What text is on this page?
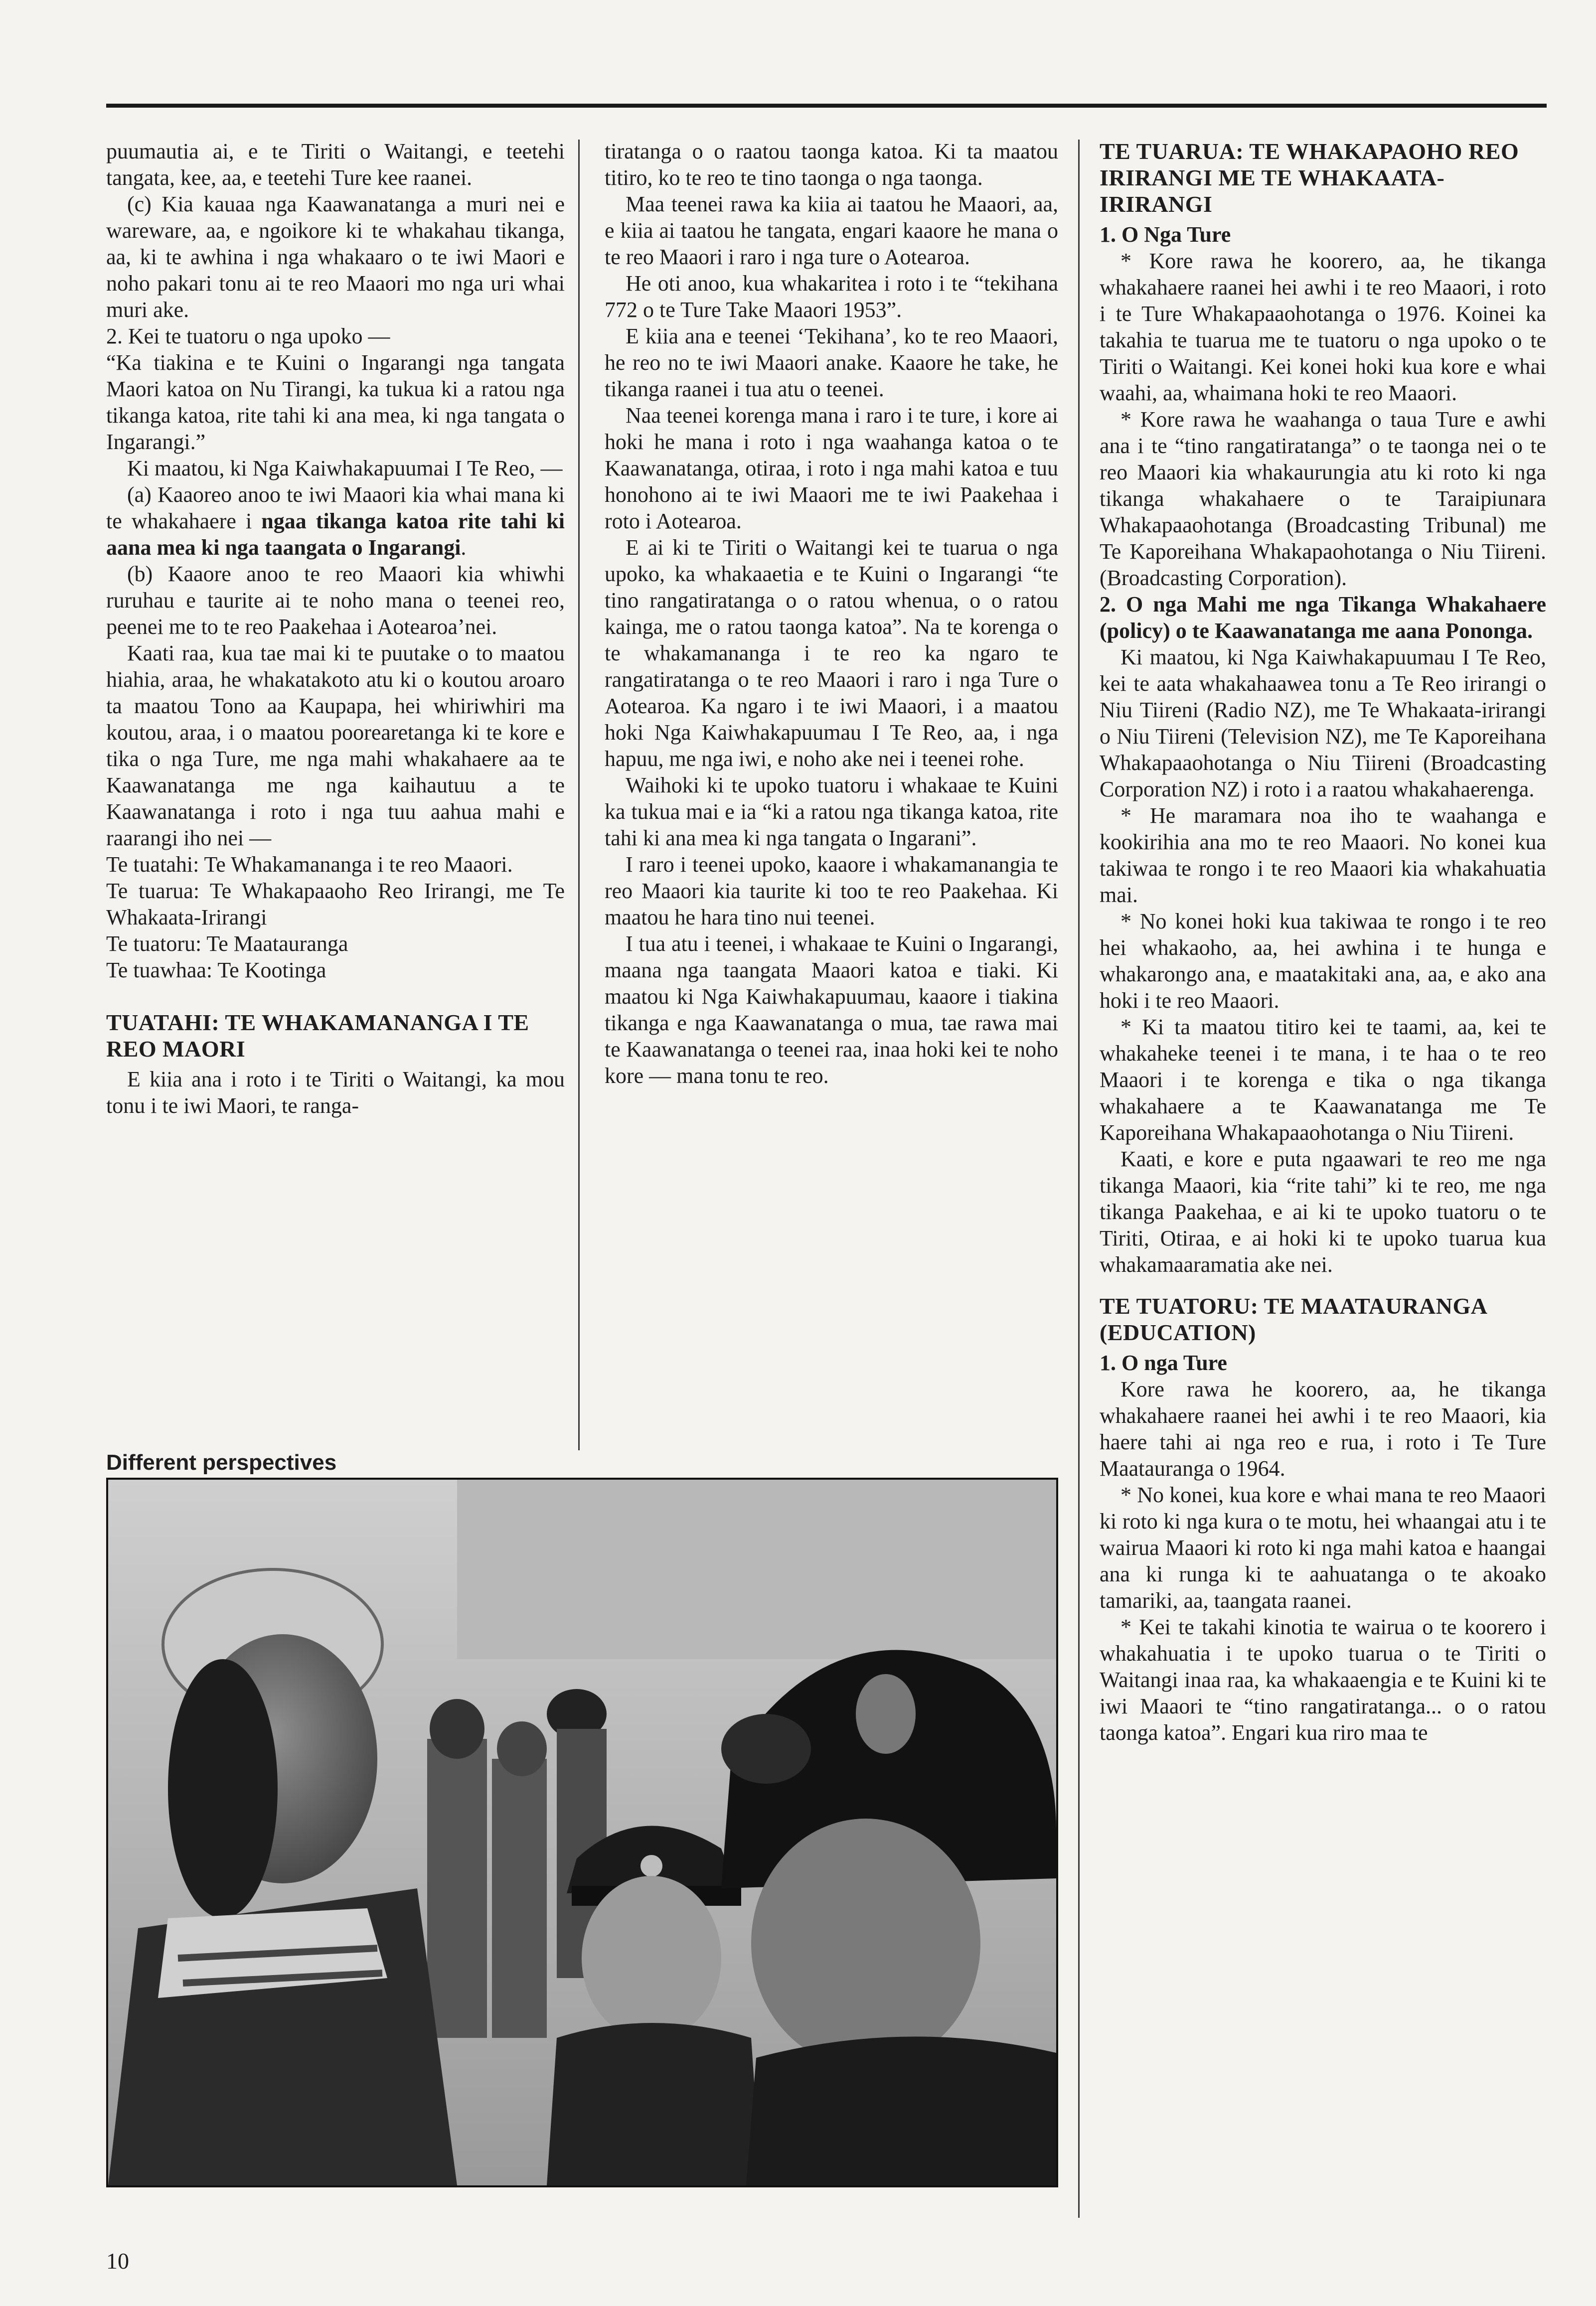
puumautia ai, e te Tiriti o Waitangi, e teetehi tangata, kee, aa, e teetehi Ture kee raanei.

(c) Kia kauaa nga Kaawanatanga a muri nei e wareware, aa, e ngoikore ki te whakahau tikanga, aa, ki te awhina i nga whakaaro o te iwi Maori e noho pakari tonu ai te reo Maaori mo nga uri whai muri ake.

2. Kei te tuatoru o nga upoko —

“Ka tiakina e te Kuini o Ingarangi nga tangata Maori katoa on Nu Tirangi, ka tukua ki a ratou nga tikanga katoa, rite tahi ki ana mea, ki nga tangata o Ingarangi.”

Ki maatou, ki Nga Kaiwhakapuumai I Te Reo, —

(a) Kaaoreo anoo te iwi Maaori kia whai mana ki te whakahaere i ngaa tikanga katoa rite tahi ki aana mea ki nga taangata o Ingarangi.

(b) Kaaore anoo te reo Maaori kia whiwhi ruruhau e taurite ai te noho mana o teenei reo, peenei me to te reo Paakehaa i Aotearoa’nei.

Kaati raa, kua tae mai ki te puutake o to maatou hiahia, araa, he whakatakoto atu ki o koutou aroaro ta maatou Tono aa Kaupapa, hei whiriwhiri ma koutou, araa, i o maatou poorearetanga ki te kore e tika o nga Ture, me nga mahi whakahaere aa te Kaawanatanga me nga kaihautuu a te Kaawanatanga i roto i nga tuu aahua mahi e raarangi iho nei —

Te tuatahi: Te Whakamananga i te reo Maaori.

Te tuarua: Te Whakapaaoho Reo Irirangi, me Te Whakaata-Irirangi

Te tuatoru: Te Maatauranga

Te tuawhaa: Te Kootinga

TUATAHI: TE WHAKAMANANGA I TE REO MAORI

E kiia ana i roto i te Tiriti o Waitangi, ka mou tonu i te iwi Maori, te ranga-

tiratanga o o raatou taonga katoa. Ki ta maatou titiro, ko te reo te tino taonga o nga taonga.

Maa teenei rawa ka kiia ai taatou he Maaori, aa, e kiia ai taatou he tangata, engari kaaore he mana o te reo Maaori i raro i nga ture o Aotearoa.

He oti anoo, kua whakaritea i roto i te “tekihana 772 o te Ture Take Maaori 1953”.

E kiia ana e teenei ‘Tekihana’, ko te reo Maaori, he reo no te iwi Maaori anake. Kaaore he take, he tikanga raanei i tua atu o teenei.

Naa teenei korenga mana i raro i te ture, i kore ai hoki he mana i roto i nga waahanga katoa o te Kaawanatanga, otiraa, i roto i nga mahi katoa e tuu honohono ai te iwi Maaori me te iwi Paakehaa i roto i Aotearoa.

E ai ki te Tiriti o Waitangi kei te tuarua o nga upoko, ka whakaaetia e te Kuini o Ingarangi “te tino rangatiratanga o o ratou whenua, o o ratou kainga, me o ratou taonga katoa”. Na te korenga o te whakamananga i te reo ka ngaro te rangatiratanga o te reo Maaori i raro i nga Ture o Aotearoa. Ka ngaro i te iwi Maaori, i a maatou hoki Nga Kaiwhakapuumau I Te Reo, aa, i nga hapuu, me nga iwi, e noho ake nei i teenei rohe.

Waihoki ki te upoko tuatoru i whakaae te Kuini ka tukua mai e ia “ki a ratou nga tikanga katoa, rite tahi ki ana mea ki nga tangata o Ingarani”.

I raro i teenei upoko, kaaore i whakamanangia te reo Maaori kia taurite ki too te reo Paakehaa. Ki maatou he hara tino nui teenei.

I tua atu i teenei, i whakaae te Kuini o Ingarangi, maana nga taangata Maaori katoa e tiaki. Ki maatou ki Nga Kaiwhakapuumau, kaaore i tiakina tikanga e nga Kaawanatanga o mua, tae rawa mai te Kaawanatanga o teenei raa, inaa hoki kei te noho kore — mana tonu te reo.

TE TUARUA: TE WHAKAPAOHO REO IRIRANGI ME TE WHAKAATA-IRIRANGI

1. O Nga Ture

* Kore rawa he koorero, aa, he tikanga whakahaere raanei hei awhi i te reo Maaori, i roto i te Ture Whakapaaohotanga o 1976. Koinei ka takahia te tuarua me te tuatoru o nga upoko o te Tiriti o Waitangi. Kei konei hoki kua kore e whai waahi, aa, whaimana hoki te reo Maaori.

* Kore rawa he waahanga o taua Ture e awhi ana i te “tino rangatiratanga” o te taonga nei o te reo Maaori kia whakaurungia atu ki roto ki nga tikanga whakahaere o te Taraipiunara Whakapaaohotanga (Broadcasting Tribunal) me Te Kaporeihana Whakapaohotanga o Niu Tiireni. (Broadcasting Corporation).

2. O nga Mahi me nga Tikanga Whakahaere (policy) o te Kaawanatanga me aana Pononga.

Ki maatou, ki Nga Kaiwhakapuumau I Te Reo, kei te aata whakahaawea tonu a Te Reo irirangi o Niu Tiireni (Radio NZ), me Te Whakaata-irirangi o Niu Tiireni (Television NZ), me Te Kaporeihana Whakapaaohotanga o Niu Tiireni (Broadcasting Corporation NZ) i roto i a raatou whakahaerenga.

* He maramara noa iho te waahanga e kookirihia ana mo te reo Maaori. No konei kua takiwaa te rongo i te reo Maaori kia whakahuatia mai.

* No konei hoki kua takiwaa te rongo i te reo hei whakaoho, aa, hei awhina i te hunga e whakarongo ana, e maatakitaki ana, aa, e ako ana hoki i te reo Maaori.

* Ki ta maatou titiro kei te taami, aa, kei te whakaheke teenei i te mana, i te haa o te reo Maaori i te korenga e tika o nga tikanga whakahaere a te Kaawanatanga me Te Kaporeihana Whakapaaohotanga o Niu Tiireni.

Kaati, e kore e puta ngaawari te reo me nga tikanga Maaori, kia “rite tahi” ki te reo, me nga tikanga Paakehaa, e ai ki te upoko tuatoru o te Tiriti, Otiraa, e ai hoki ki te upoko tuarua kua whakamaaramatia ake nei.

TE TUATORU: TE MAATAURANGA (EDUCATION)

1. O nga Ture

Kore rawa he koorero, aa, he tikanga whakahaere raanei hei awhi i te reo Maaori, kia haere tahi ai nga reo e rua, i roto i Te Ture Maatauranga o 1964.

* No konei, kua kore e whai mana te reo Maaori ki roto ki nga kura o te motu, hei whaangai atu i te wairua Maaori ki roto ki nga mahi katoa e haangai ana ki runga ki te aahuatanga o te akoako tamariki, aa, taangata raanei.

* Kei te takahi kinotia te wairua o te koorero i whakahuatia i te upoko tuarua o te Tiriti o Waitangi inaa raa, ka whakaaengia e te Kuini ki te iwi Maaori te “tino rangatiratanga... o o ratou taonga katoa”. Engari kua riro maa te

Different perspectives
10
